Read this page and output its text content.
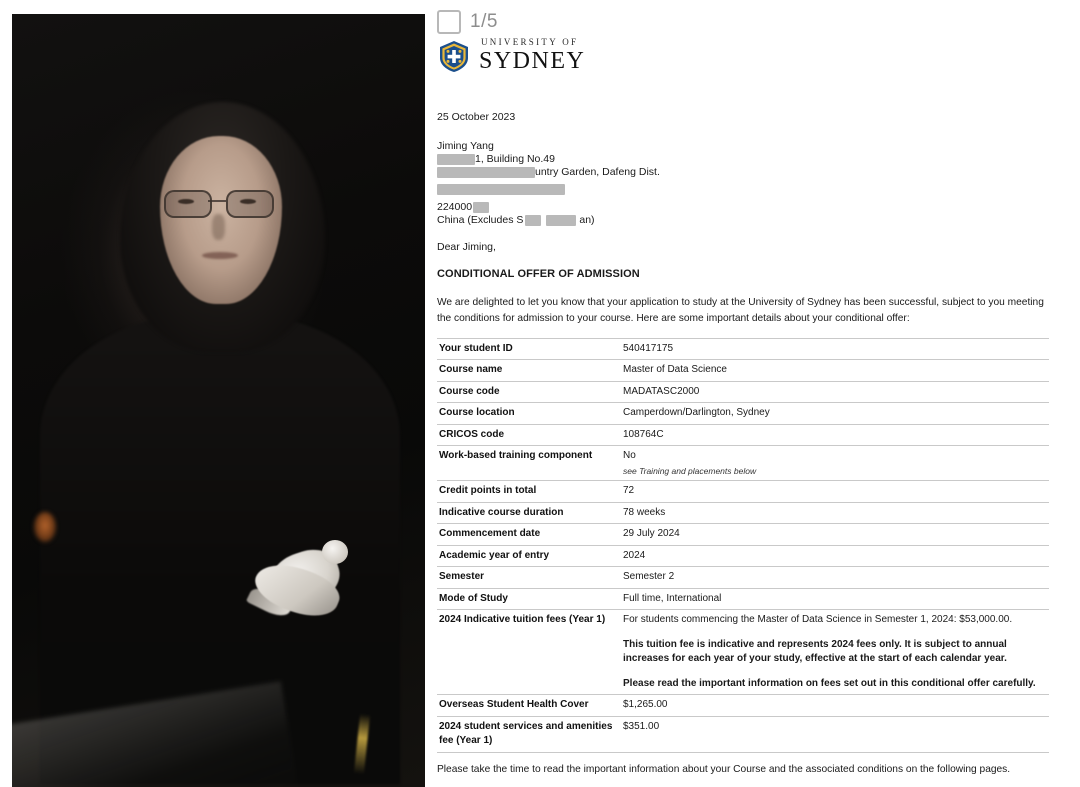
1/5
UNIVERSITY OF
SYDNEY
25 October 2023
Jiming Yang
1, Building No.49
untry Garden, Dafeng Dist.
224000
China (Excludes S	an)
Dear Jiming,
CONDITIONAL OFFER OF ADMISSION
We are delighted to let you know that your application to study at the University of Sydney has been successful, subject to you meeting the conditions for admission to your course. Here are some important details about your conditional offer:
Your student ID	540417175
Course name	Master of Data Science
Course code	MADATASC2000
Course location	Camperdown/Darlington, Sydney
CRICOS code	108764C
Work-based training component	No
see Training and placements below

Credit points in total	72
Indicative course duration	78 weeks
Commencement date	29 July 2024
Academic year of entry	2024
Semester	Semester 2
Mode of Study	Full time, International
2024 Indicative tuition fees (Year 1)	For students commencing the Master of Data Science in Semester 1, 2024: $53,000.00.
This tuition fee is indicative and represents 2024 fees only. It is subject to annual increases for each year of your study, effective at the start of each calendar year.
Please read the important information on fees set out in this conditional offer carefully.

Overseas Student Health Cover	$1,265.00
2024 student services and amenities fee (Year 1)	$351.00
Please take the time to read the important information about your Course and the associated conditions on the following pages.
